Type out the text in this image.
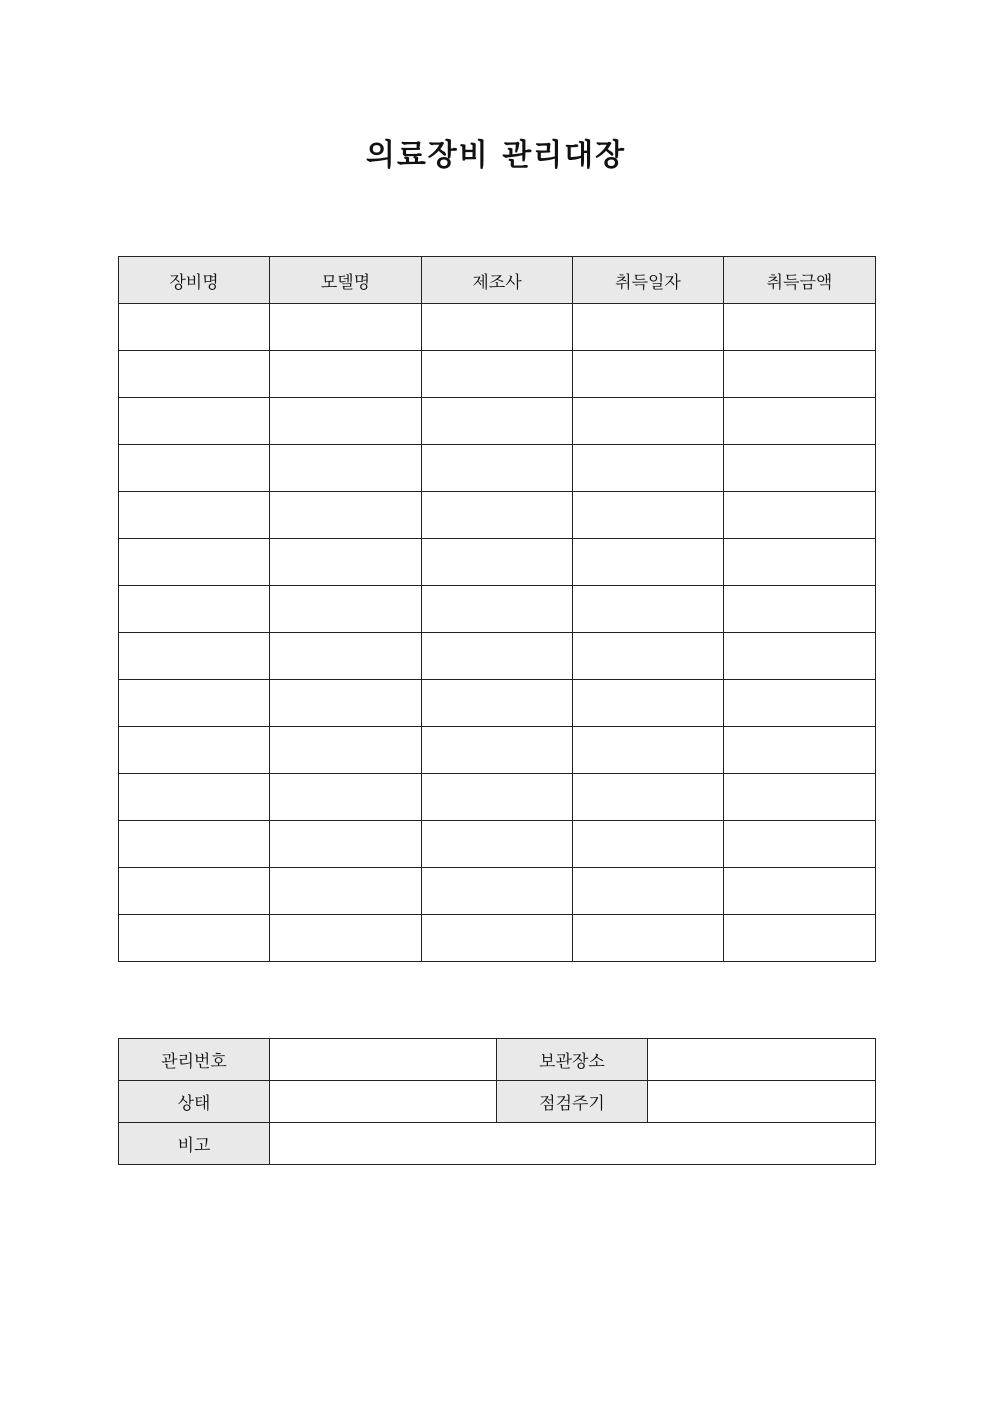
의료장비 관리대장
장비명	모델명	제조사	취득일자	취득금액

관리번호		보관장소	
상태		점검주기	
비고			
